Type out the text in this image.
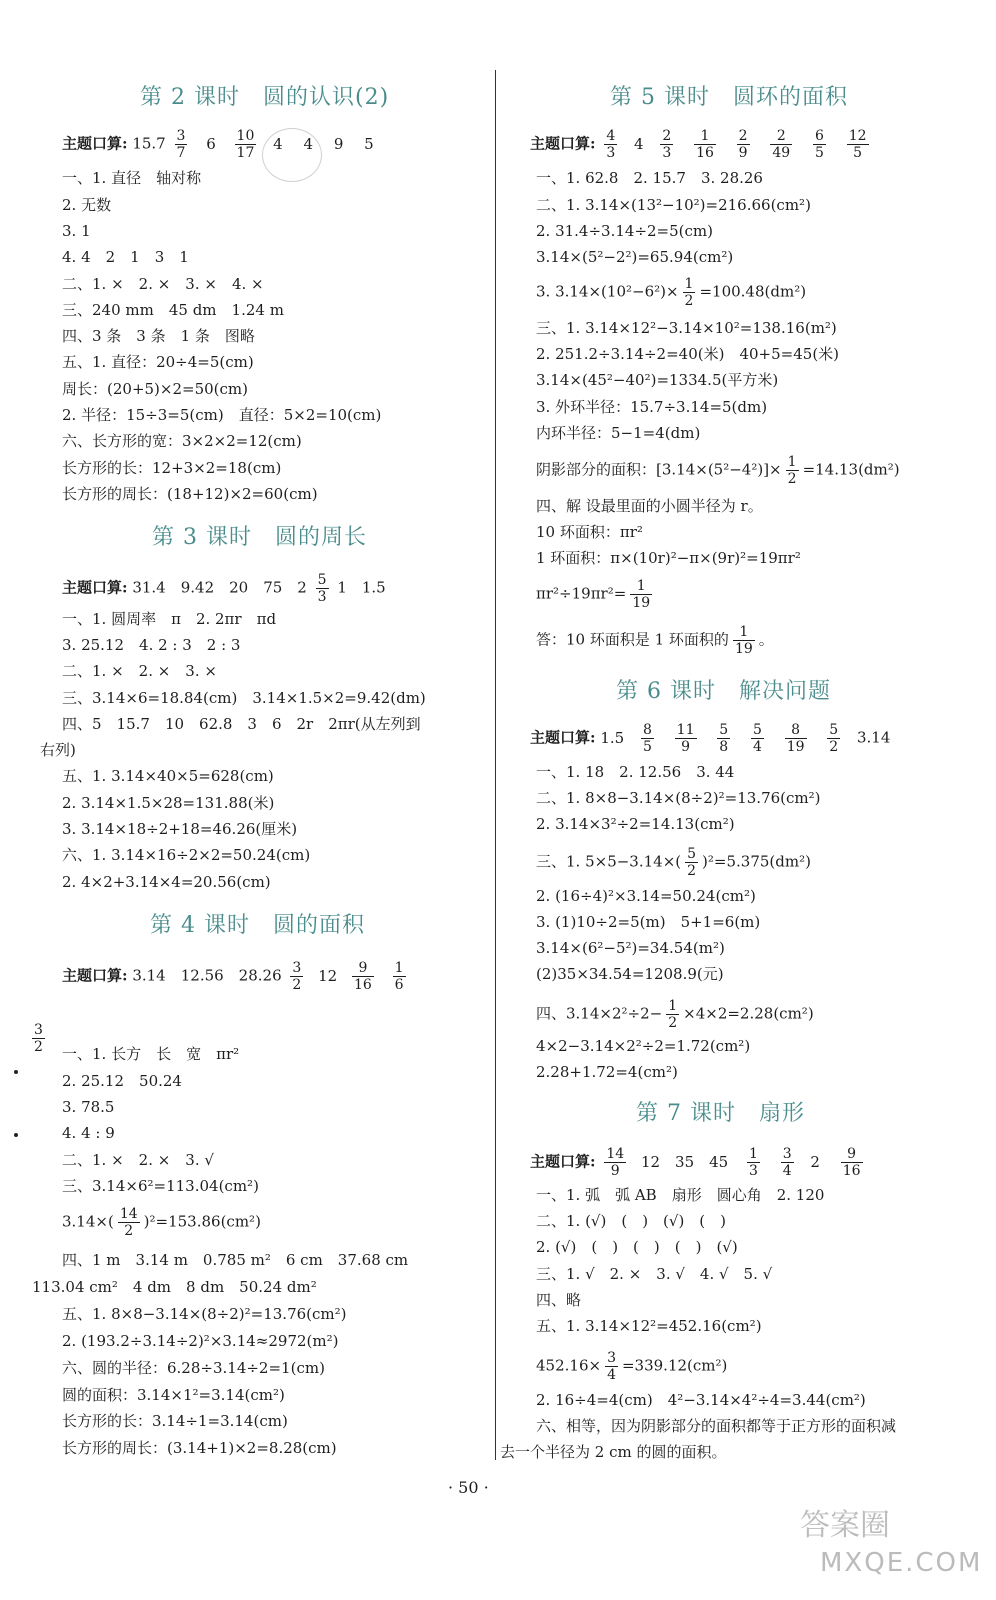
第 2 课时　圆的认识(2)
主题口算: $15.7 \frac{3}{7} 6 \frac{10}{17} 4$ 4 9 5
一、1. 直径　轴对称
2. 无数
3. 1
4. 4　2　1　3　1
二、1. ×　2. ×　3. ×　4. ×
三、240 mm　45 dm　1.24 m
四、3 条　3 条　1 条　图略
五、1. 直径：20÷4=5(cm)
周长：(20+5)×2=50(cm)
2. 半径：15÷3=5(cm)　直径：5×2=10(cm)
六、长方形的宽：3×2×2=12(cm)
长方形的长：12+3×2=18(cm)
长方形的周长：(18+12)×2=60(cm)
第 3 课时　圆的周长
主题口算: 31.4　9.42　20　75　$2 \frac{5}{3} 1$　1.5
一、1. 圆周率　π　2. 2πr　πd
3. 25.12　4. 2 : 3　2 : 3
二、1. ×　2. ×　3. ×
三、3.14×6=18.84(cm)　3.14×1.5×2=9.42(dm)
四、5　15.7　10　62.8　3　6　2r　2πr(从左列到
右列)
五、1. 3.14×40×5=628(cm)
2. 3.14×1.5×28=131.88(米)
3. 3.14×18÷2+18=46.26(厘米)
六、1. 3.14×16÷2×2=50.24(cm)
2. 4×2+3.14×4=20.56(cm)
第 4 课时　圆的面积
主题口算: 3.14　12.56　$28.26 \frac{3}{2} 12 \frac{9}{16}$
$\frac{1}{6}$
$\frac{3}{2}$ 一、1. 长方　长　宽　πr²
2. 25.12　50.24
3. 78.5
4. 4 : 9
二、1. ×　2. ×　3. √
三、3.14×6²=113.04(cm²)
$3.14\times( \frac{14}{2} )^2=153.86(cm^2)$
四、1 m　3.14 m　0.785 m²　6 cm　37.68 cm
113.04 cm²　4 dm　8 dm　50.24 dm²
五、1. 8×8−3.14×(8÷2)²=13.76(cm²)
2. (193.2÷3.14÷2)²×3.14≈2972(m²)
六、圆的半径：6.28÷3.14÷2=1(cm)
圆的面积：3.14×1²=3.14(cm²)
长方形的长：3.14÷1=3.14(cm)
长方形的周长：(3.14+1)×2=8.28(cm)
第 5 课时　圆环的面积
主题口算: $\frac{4}{3} 4 \frac{2}{3}$
$\frac{1}{16}$
$\frac{2}{9}$
$\frac{2}{49}$
$\frac{6}{5}$
$\frac{12}{5}$
一、1. 62.8　2. 15.7　3. 28.26
二、1. 3.14×(13²−10²)=216.66(cm²)
2. 31.4÷3.14÷2=5(cm)
3.14×(5²−2²)=65.94(cm²)
3. $3.14\times(10^2-6^2)\times \frac{1}{2} =100.48(dm^2)$
三、1. 3.14×12²−3.14×10²=138.16(m²)
2. 251.2÷3.14÷2=40(米)　40+5=45(米)
3.14×(45²−40²)=1334.5(平方米)
3. 外环半径：15.7÷3.14=5(dm)
内环半径：5−1=4(dm)
阴影部分的面积：$[3.14\times(5^2-4^2)]\times \frac{1}{2} =14.13(dm^2)$
四、解 设最里面的小圆半径为 r。
10 环面积：πr²
1 环面积：π×(10r)²−π×(9r)²=19πr²
$\pi r^2\div 19\pi r^2= \frac{1}{19}$
答：10 环面积是 1 环面积的 $\frac{1}{19}$ 。
第 6 课时　解决问题
主题口算: $1.5 \frac{8}{5}$
$\frac{11}{9}$
$\frac{5}{8}$
$\frac{5}{4}$
$\frac{8}{19}$
$\frac{5}{2} 3.14$
一、1. 18　2. 12.56　3. 44
二、1. 8×8−3.14×(8÷2)²=13.76(cm²)
2. 3.14×3²÷2=14.13(cm²)
三、1. $5\times 5-3.14\times( \frac{5}{2} )^2=5.375(dm^2)$
2. (16÷4)²×3.14=50.24(cm²)
3. (1)10÷2=5(m)　5+1=6(m)
3.14×(6²−5²)=34.54(m²)
(2)35×34.54=1208.9(元)
四、$3.14\times 2^2\div 2- \frac{1}{2} \times 4\times 2=2.28(cm^2)$
4×2−3.14×2²÷2=1.72(cm²)
2.28+1.72=4(cm²)
第 7 课时　扇形
主题口算: $\frac{14}{9} 12$　35　$45 \frac{1}{3}$
$\frac{3}{4} 2 \frac{9}{16}$
一、1. 弧　弧 AB　扇形　圆心角　2. 120
二、1. (√)　(　)　(√)　(　)
2. (√)　(　)　(　)　(　)　(√)
三、1. √　2. ×　3. √　4. √　5. √
四、略
五、1. 3.14×12²=452.16(cm²)
$452.16\times \frac{3}{4} =339.12(cm^2)$
2. 16÷4=4(cm)　4²−3.14×4²÷4=3.44(cm²)
六、相等，因为阴影部分的面积都等于正方形的面积减
去一个半径为 2 cm 的圆的面积。
· 50 ·
答案圈
MXQE.COM
